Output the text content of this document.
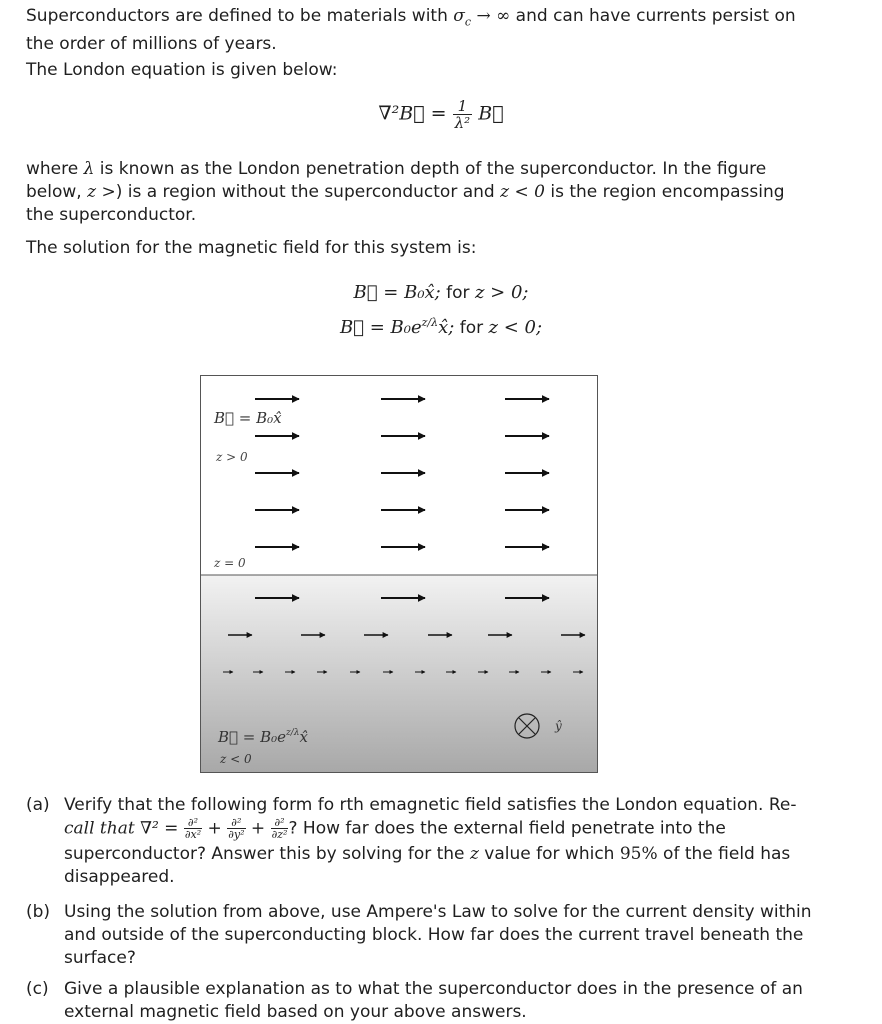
Superconductors are defined to be materials with $\sigma_c$ → ∞ and can have currents persist on
the order of millions of years.
The London equation is given below:
∇²B⃗ = $\frac{1}{\text{λ²}}$ B⃗
where λ is known as the London penetration depth of the superconductor. In the figure
below, z >) is a region without the superconductor and z < 0 is the region encompassing
the superconductor.
The solution for the magnetic field for this system is:
B⃗ = B₀x̂; for z > 0;
B⃗ = $B_0e^{z/\lambda}x̂$; for z < 0;
B⃗ = B₀x̂
z > 0
z = 0
B⃗ = $B_0e^{z/\lambda}x̂$
z < 0
ŷ
(a) Verify that the following form fo rth emagnetic field satisfies the London equation. Re-
call that $\nabla^2 = \frac{\text{∂²}}{\text{∂x²}} + \frac{\text{∂²}}{\text{∂y²}} + \frac{\text{∂²}}{\text{∂z²}}$ ? How far does the external field penetrate into the
superconductor? Answer this by solving for the z value for which 95% of the field has
disappeared.
(b) Using the solution from above, use Ampere's Law to solve for the current density within
and outside of the superconducting block. How far does the current travel beneath the
surface?
(c) Give a plausible explanation as to what the superconductor does in the presence of an
external magnetic field based on your above answers.
